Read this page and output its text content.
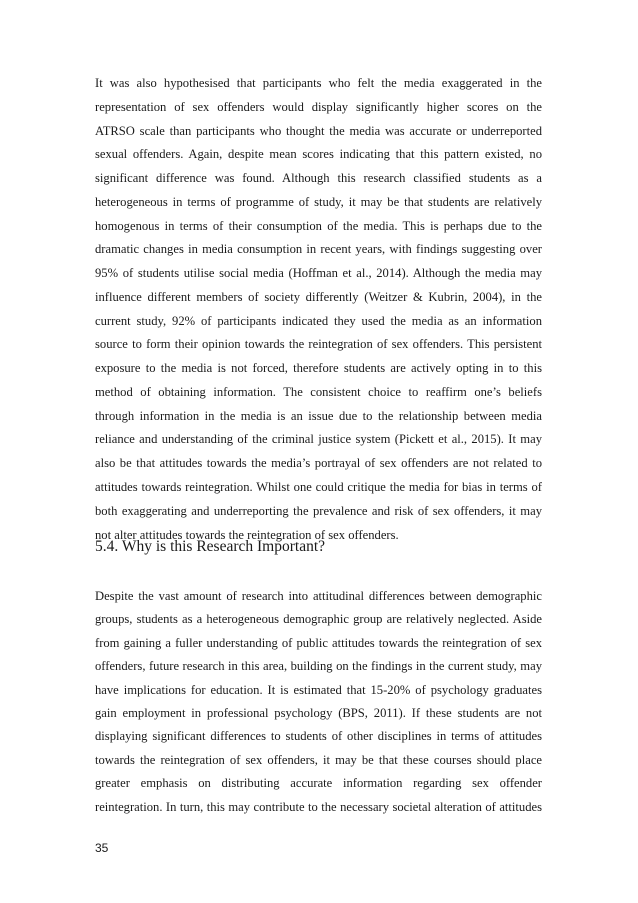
It was also hypothesised that participants who felt the media exaggerated in the
representation of sex offenders would display significantly higher scores on the
ATRSO scale than participants who thought the media was accurate or underreported
sexual offenders. Again, despite mean scores indicating that this pattern existed, no
significant difference was found. Although this research classified students as a
heterogeneous in terms of programme of study, it may be that students are relatively
homogenous in terms of their consumption of the media. This is perhaps due to the
dramatic changes in media consumption in recent years, with findings suggesting over
95% of students utilise social media (Hoffman et al., 2014). Although the media may
influence different members of society differently (Weitzer & Kubrin, 2004), in the
current study, 92% of participants indicated they used the media as an information
source to form their opinion towards the reintegration of sex offenders. This persistent
exposure to the media is not forced, therefore students are actively opting in to this
method of obtaining information. The consistent choice to reaffirm one’s beliefs
through information in the media is an issue due to the relationship between media
reliance and understanding of the criminal justice system (Pickett et al., 2015). It may
also be that attitudes towards the media’s portrayal of sex offenders are not related to
attitudes towards reintegration. Whilst one could critique the media for bias in terms of
both exaggerating and underreporting the prevalence and risk of sex offenders, it may
not alter attitudes towards the reintegration of sex offenders.
5.4. Why is this Research Important?
Despite the vast amount of research into attitudinal differences between demographic
groups, students as a heterogeneous demographic group are relatively neglected. Aside
from gaining a fuller understanding of public attitudes towards the reintegration of sex
offenders, future research in this area, building on the findings in the current study, may
have implications for education. It is estimated that 15-20% of psychology graduates
gain employment in professional psychology (BPS, 2011). If these students are not
displaying significant differences to students of other disciplines in terms of attitudes
towards the reintegration of sex offenders, it may be that these courses should place
greater emphasis on distributing accurate information regarding sex offender
reintegration. In turn, this may contribute to the necessary societal alteration of attitudes
35
